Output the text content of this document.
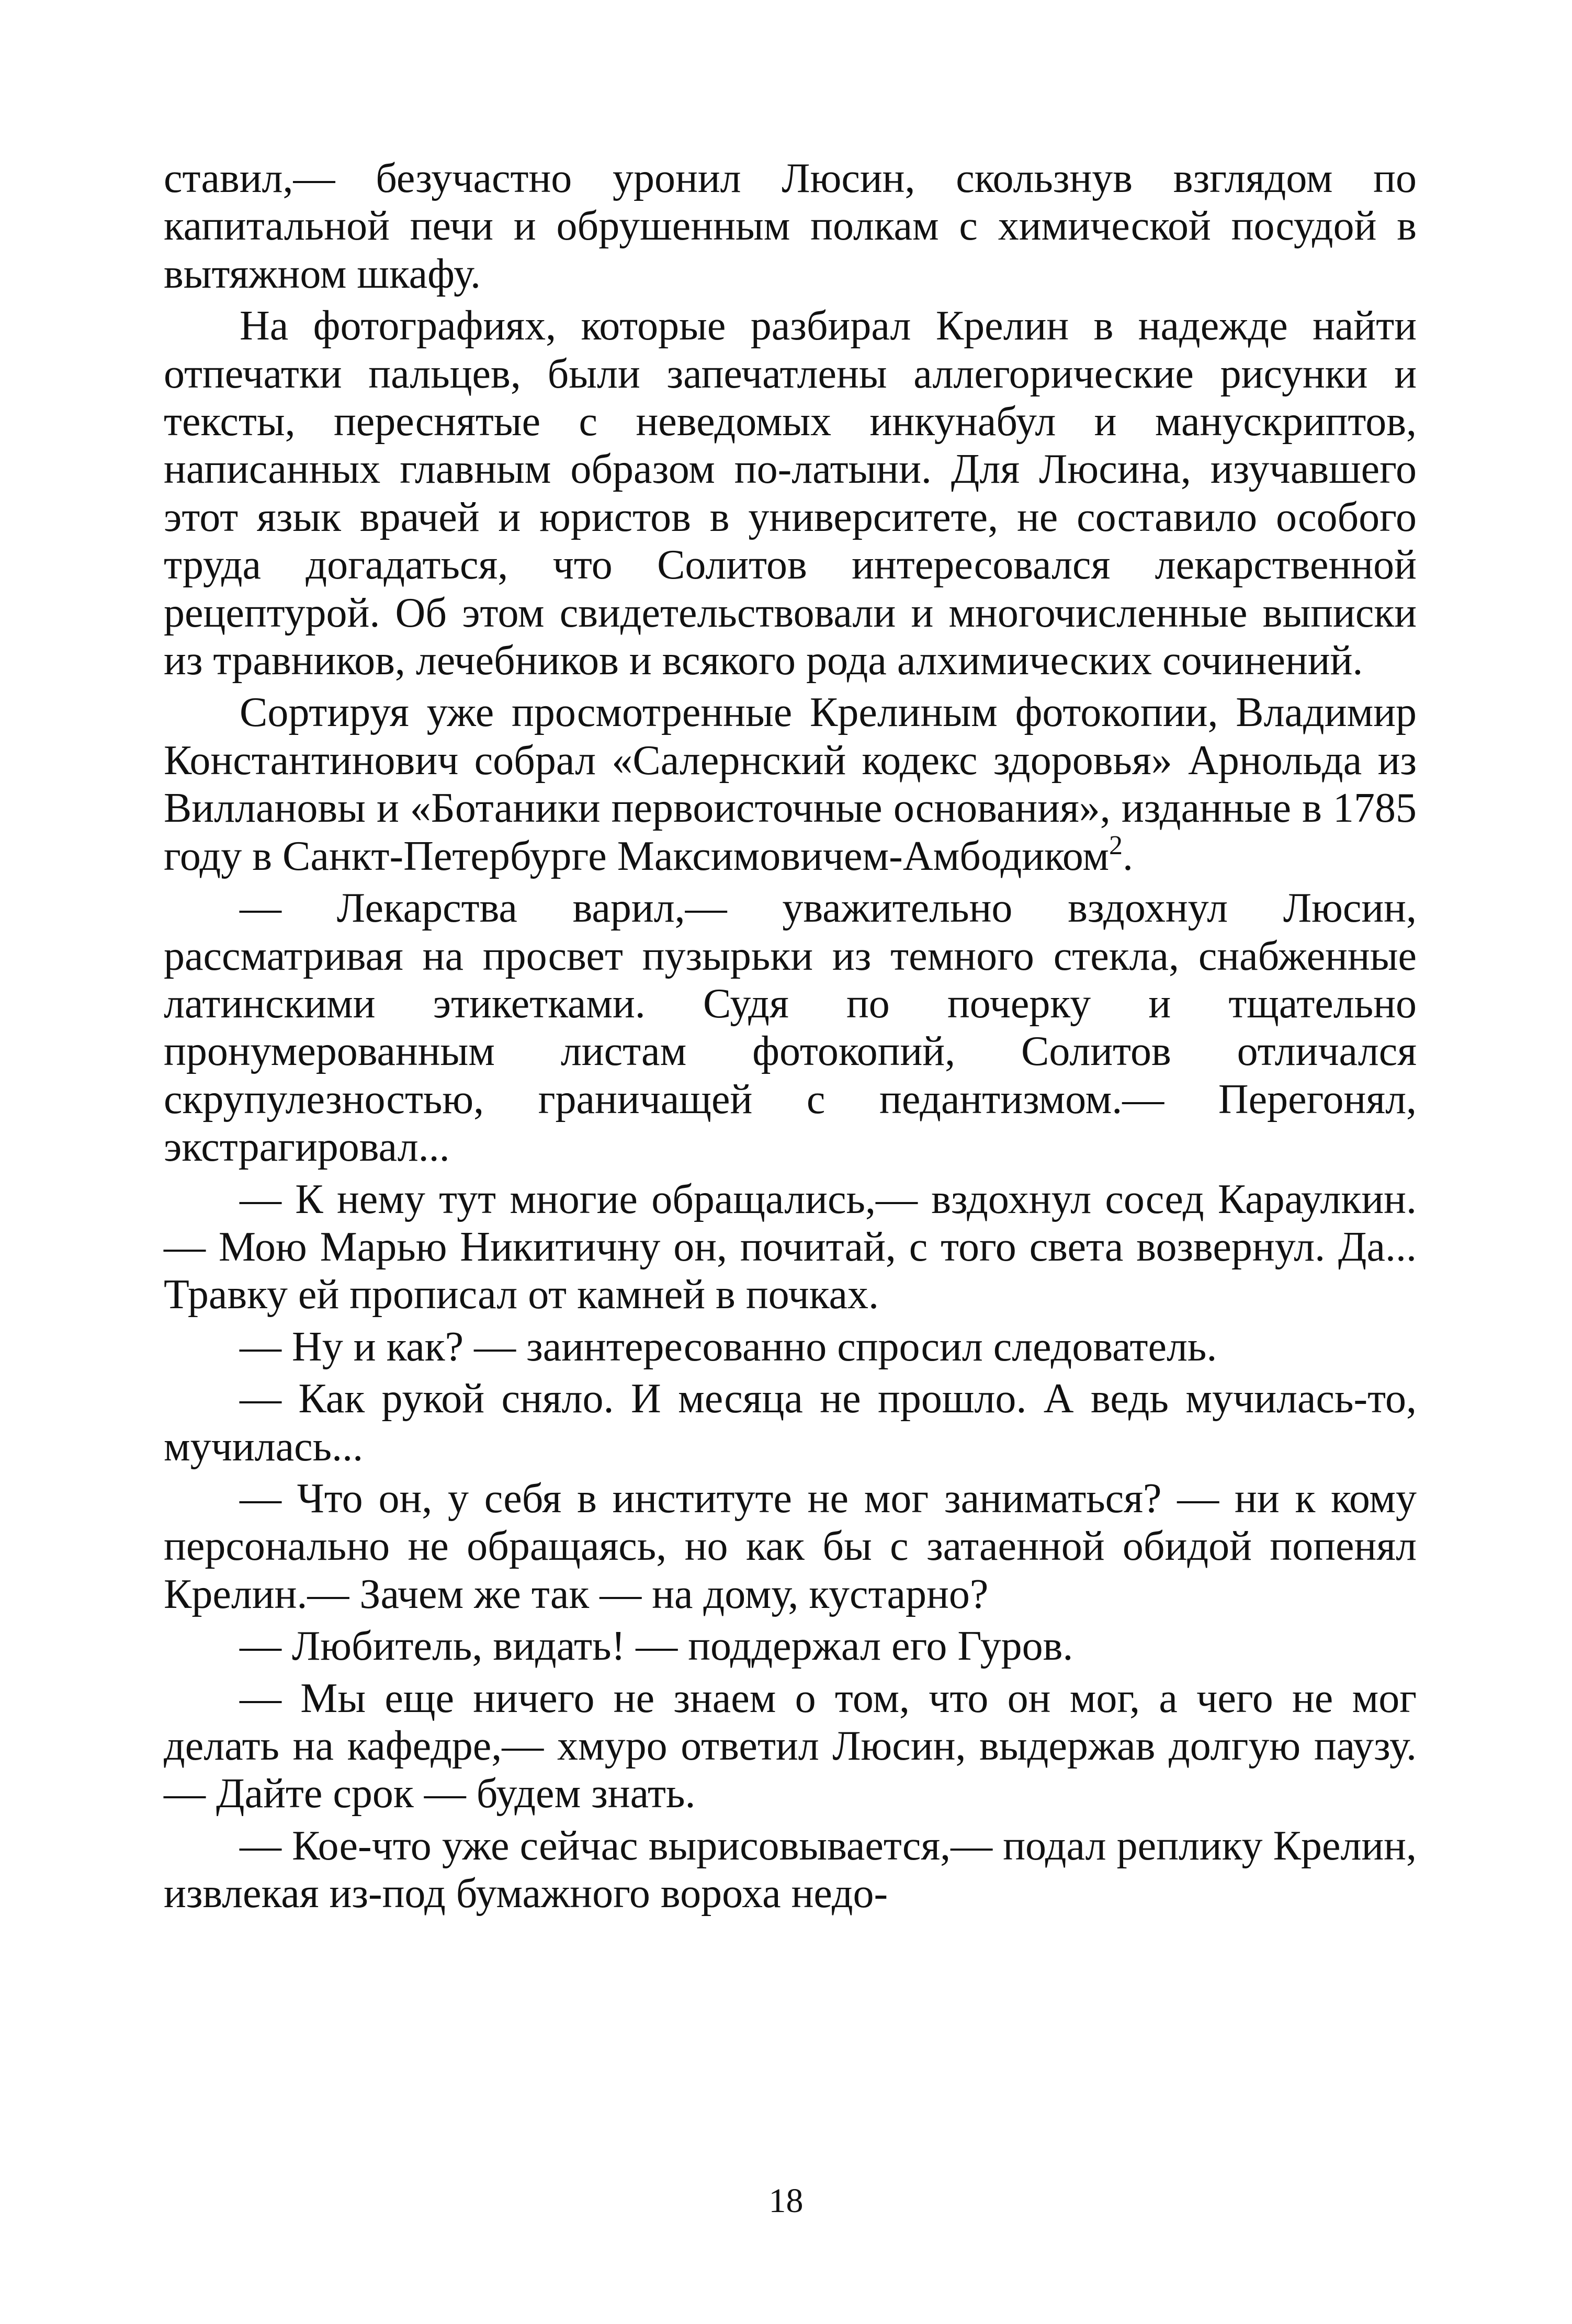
ставил,— безучастно уронил Люсин, скользнув взглядом по капитальной печи и обрушенным полкам с химической посудой в вытяжном шкафу.

На фотографиях, которые разбирал Крелин в надежде найти отпечатки пальцев, были запечатлены аллегорические рисунки и тексты, переснятые с неведомых инкунабул и манускриптов, написанных главным образом по-латыни. Для Люсина, изучавшего этот язык врачей и юристов в университете, не составило особого труда догадаться, что Солитов интересовался лекарственной рецептурой. Об этом свидетельствовали и многочисленные выписки из травников, лечебников и всякого рода алхимических сочинений.

Сортируя уже просмотренные Крелиным фотокопии, Владимир Константинович собрал «Салернский кодекс здоровья» Арнольда из Виллановы и «Ботаники первоисточные основания», изданные в 1785 году в Санкт-Петербурге Максимовичем-Амбодиком$^2$.

— Лекарства варил,— уважительно вздохнул Люсин, рассматривая на просвет пузырьки из темного стекла, снабженные латинскими этикетками. Судя по почерку и тщательно пронумерованным листам фотокопий, Солитов отличался скрупулезностью, граничащей с педантизмом.— Перегонял, экстрагировал...

— К нему тут многие обращались,— вздохнул сосед Караулкин.— Мою Марью Никитичну он, почитай, с того света возвернул. Да... Травку ей прописал от камней в почках.

— Ну и как? — заинтересованно спросил следователь.

— Как рукой сняло. И месяца не прошло. А ведь мучилась-то, мучилась...

— Что он, у себя в институте не мог заниматься? — ни к кому персонально не обращаясь, но как бы с затаенной обидой попенял Крелин.— Зачем же так — на дому, кустарно?

— Любитель, видать! — поддержал его Гуров.

— Мы еще ничего не знаем о том, что он мог, а чего не мог делать на кафедре,— хмуро ответил Люсин, выдержав долгую паузу.— Дайте срок — будем знать.

— Кое-что уже сейчас вырисовывается,— подал реплику Крелин, извлекая из-под бумажного вороха недо-

18
